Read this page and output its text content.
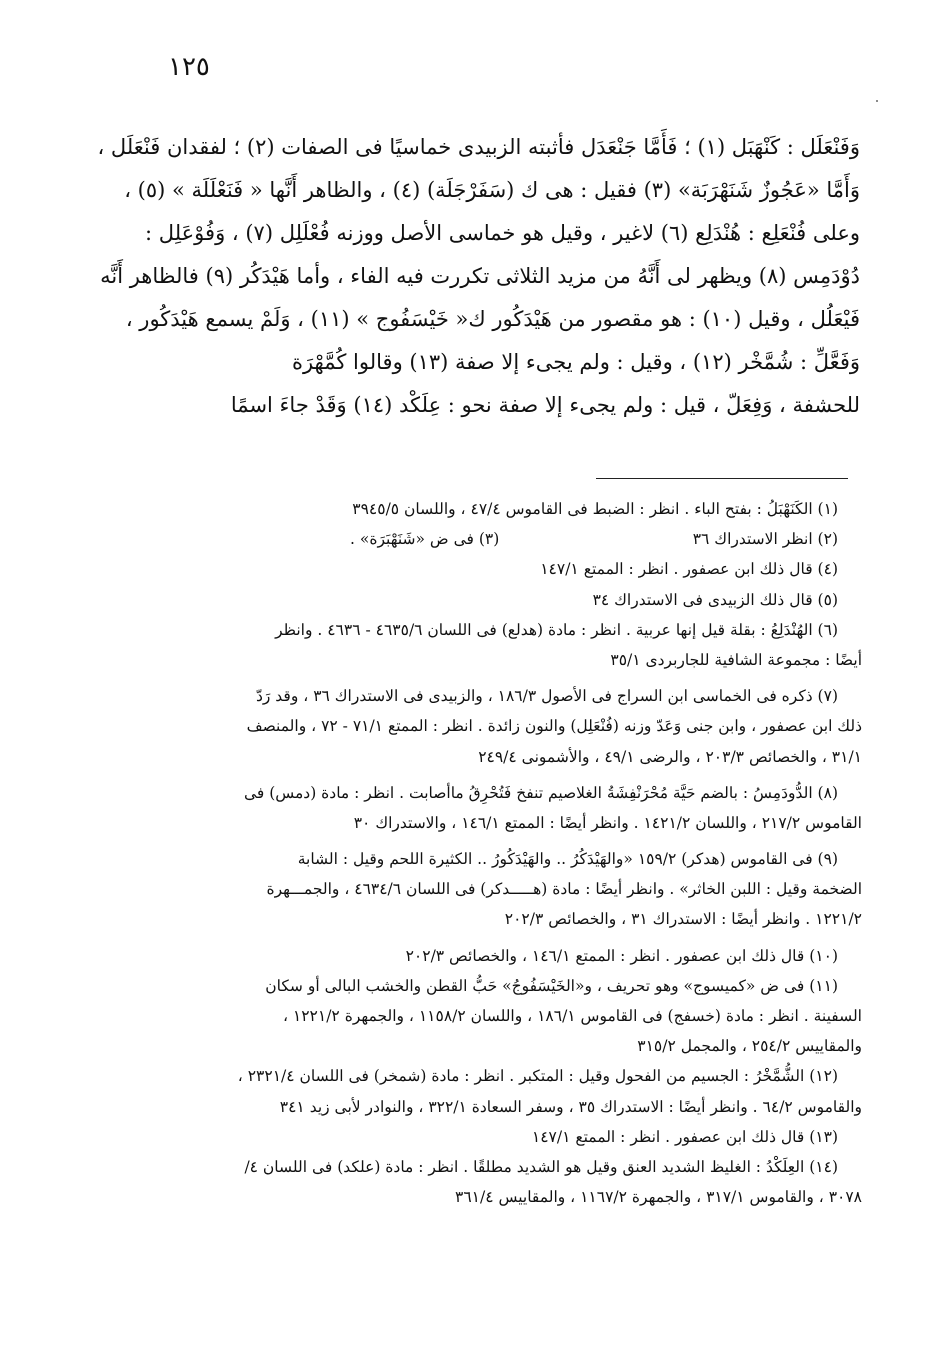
١٢٥
وَفَنْعَلَل : كَنْهَبَل (١) ؛ فَأَمَّا جَنْعَدَل فأثبته الزبيدى خماسيًا فى الصفات (٢) ؛ لفقدان فَنْعَلَل ،
وَأَمَّا «عَجُوزٌ شَنَهْرَبَة» (٣) فقيل : هى ك (سَفَرْجَلَة) (٤) ، والظاهر أَنَّها « فَنَعْلَلَة » (٥) ،
وعلى فُنْعَلِع : هُنْدَلِع (٦) لاغير ، وقيل هو خماسى الأصل ووزنه فُعْلَلِل (٧) ، وَفُوْعَلِل :
دُوْدَمِس (٨) ويظهر لى أَنَّهُ من مزيد الثلاثى تكررت فيه الفاء ، وأما هَيْدَكُر (٩) فالظاهر أَنَّه
فَيْعَلُل ، وقيل (١٠) : هو مقصور من هَيْدَكُور ك« خَيْسَفُوج » (١١) ، وَلَمْ يسمع هَيْدَكُور ،
وَفَعَّلِّ : شُمَّخْر (١٢) ، وقيل : ولم يجىء إلا صفة (١٣) وقالوا كُمَّهْرَة
للحشفة ، وَفِعَلّ ، قيل : ولم يجىء إلا صفة نحو : عِلَكْد (١٤) وَقَدْ جاءَ اسمًا
(١) الكَنَهْبَلُ : بفتح الباء . انظر : الضبط فى القاموس ٤٧/٤ ، واللسان ٣٩٤٥/٥
(٢) انظر الاستدراك ٣٦
(٣) فى ض «شَنَهْبَرَة» .
(٤) قال ذلك ابن عصفور . انظر : الممتع ١٤٧/١
(٥) قال ذلك الزبيدى فى الاستدراك ٣٤
(٦) الهُنْدَلِعُ : بقلة قيل إنها عربية . انظر : مادة (هدلع) فى اللسان ٤٦٣٥/٦ - ٤٦٣٦ . وانظر
أيضًا : مجموعة الشافية للجاربردى ٣٥/١
(٧) ذكره فى الخماسى ابن السراج فى الأصول ١٨٦/٣ ، والزبيدى فى الاستدراك ٣٦ ، وقد رَدّ
ذلك ابن عصفور ، وابن جنى وَعَدّ وزنه (فُنْعَلِل) والنون زائدة . انظر : الممتع ٧١/١ - ٧٢ ، والمنصف
٣١/١ ، والخصائص ٢٠٣/٣ ، والرضى ٤٩/١ ، والأشمونى ٢٤٩/٤
(٨) الدُّودَمِسُ : بالضم حَيَّة مُحْرَنْفِشَةُ الغلاصيم تنفخ فَتُحْرِقُ ماأصابت . انظر : مادة (دمس) فى
القاموس ٢١٧/٢ ، واللسان ١٤٢١/٢ . وانظر أيضًا : الممتع ١٤٦/١ ، والاستدراك ٣٠
(٩) فى القاموس (هدكر) ١٥٩/٢ «والهَيْدَكُرُ .. والهَيْدَكُورُ .. الكثيرة اللحم وقيل : الشابة
الضخمة وقيل : اللبن الخاثر» . وانظر أيضًا : مادة (هـــــدكر) فى اللسان ٤٦٣٤/٦ ، والجمـــهرة
١٢٢١/٢ . وانظر أيضًا : الاستدراك ٣١ ، والخصائص ٢٠٢/٣
(١٠) قال ذلك ابن عصفور . انظر : الممتع ١٤٦/١ ، والخصائص ٢٠٢/٣
(١١) فى ض «كميسوج» وهو تحريف ، و«الخَيْسَفُوجُ» حَبُّ القطن والخشب البالى أو سكان
السفينة . انظر : مادة (خسفج) فى القاموس ١٨٦/١ ، واللسان ١١٥٨/٢ ، والجمهرة ١٢٢١/٢ ،
والمقاييس ٢٥٤/٢ ، والمجمل ٣١٥/٢
(١٢) الشُّمَّخْرُ : الجسيم من الفحول وقيل : المتكبر . انظر : مادة (شمخر) فى اللسان ٢٣٢١/٤ ،
والقاموس ٦٤/٢ . وانظر أيضًا : الاستدراك ٣٥ ، وسفر السعادة ٣٢٢/١ ، والنوادر لأبى زيد ٣٤١
(١٣) قال ذلك ابن عصفور . انظر : الممتع ١٤٧/١
(١٤) العِلَكْدُ : الغليظ الشديد العنق وقيل هو الشديد مطلقًا . انظر : مادة (علكد) فى اللسان ٤/
٣٠٧٨ ، والقاموس ٣١٧/١ ، والجمهرة ١١٦٧/٢ ، والمقاييس ٣٦١/٤
